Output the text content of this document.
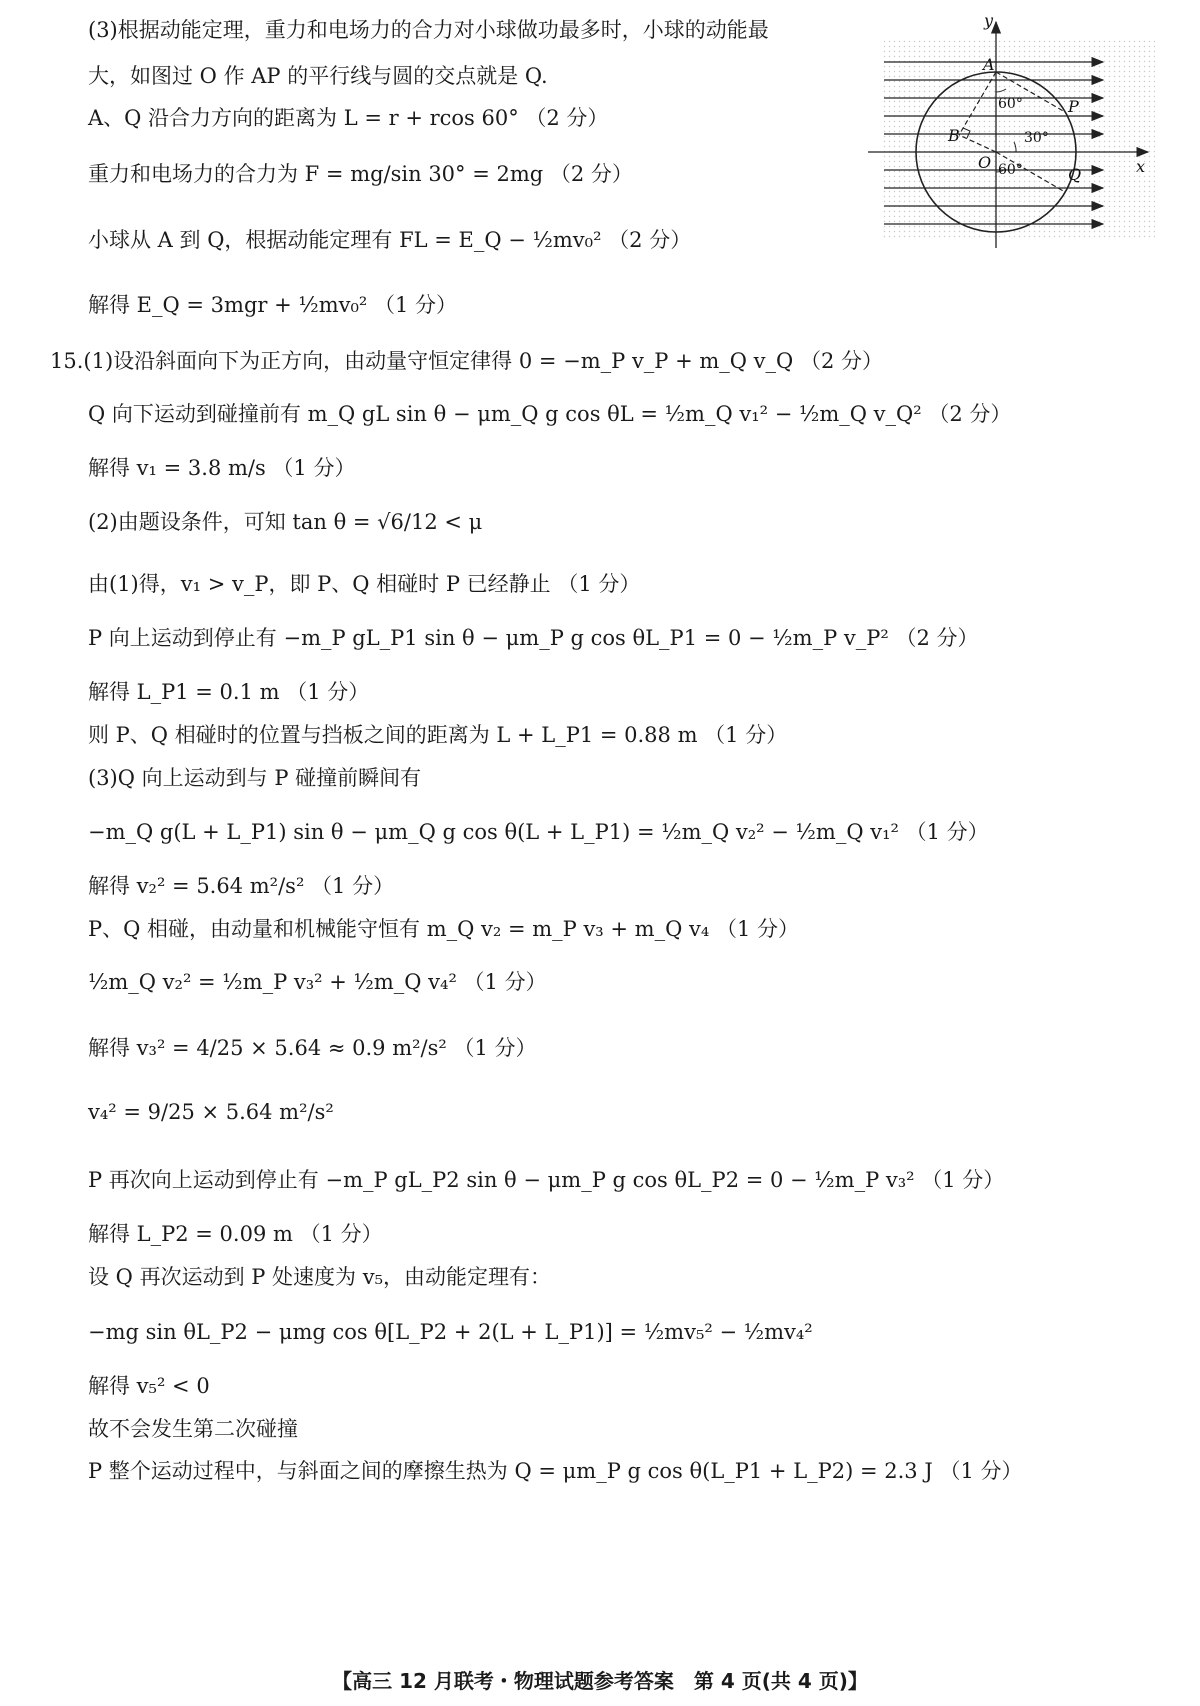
(3)根据动能定理，重力和电场力的合力对小球做功最多时，小球的动能最
大，如图过 O 作 AP 的平行线与圆的交点就是 Q.
A、Q 沿合力方向的距离为 L = r + rcos 60° （2 分）
重力和电场力的合力为 F = mg/sin 30° = 2mg （2 分）
小球从 A 到 Q，根据动能定理有 FL = E_Q − ½mv₀² （2 分）
解得 E_Q = 3mgr + ½mv₀² （1 分）
15.(1)设沿斜面向下为正方向，由动量守恒定律得 0 = −m_P v_P + m_Q v_Q （2 分）
Q 向下运动到碰撞前有 m_Q gL sin θ − μm_Q g cos θL = ½m_Q v₁² − ½m_Q v_Q² （2 分）
解得 v₁ = 3.8 m/s （1 分）
(2)由题设条件，可知 tan θ = √6/12 < μ
由(1)得，v₁ > v_P，即 P、Q 相碰时 P 已经静止 （1 分）
P 向上运动到停止有 −m_P gL_P1 sin θ − μm_P g cos θL_P1 = 0 − ½m_P v_P² （2 分）
解得 L_P1 = 0.1 m （1 分）
则 P、Q 相碰时的位置与挡板之间的距离为 L + L_P1 = 0.88 m （1 分）
(3)Q 向上运动到与 P 碰撞前瞬间有
−m_Q g(L + L_P1) sin θ − μm_Q g cos θ(L + L_P1) = ½m_Q v₂² − ½m_Q v₁² （1 分）
解得 v₂² = 5.64 m²/s² （1 分）
P、Q 相碰，由动量和机械能守恒有 m_Q v₂ = m_P v₃ + m_Q v₄ （1 分）
½m_Q v₂² = ½m_P v₃² + ½m_Q v₄² （1 分）
解得 v₃² = 4/25 × 5.64 ≈ 0.9 m²/s² （1 分）
v₄² = 9/25 × 5.64 m²/s²
P 再次向上运动到停止有 −m_P gL_P2 sin θ − μm_P g cos θL_P2 = 0 − ½m_P v₃² （1 分）
解得 L_P2 = 0.09 m （1 分）
设 Q 再次运动到 P 处速度为 v₅，由动能定理有：
−mg sin θL_P2 − μmg cos θ[L_P2 + 2(L + L_P1)] = ½mv₅² − ½mv₄²
解得 v₅² < 0
故不会发生第二次碰撞
P 整个运动过程中，与斜面之间的摩擦生热为 Q = μm_P g cos θ(L_P1 + L_P2) = 2.3 J （1 分）
y
x
A
P
B
O
Q
60°
30°
60°
【高三 12 月联考・物理试题参考答案　第 4 页(共 4 页)】
